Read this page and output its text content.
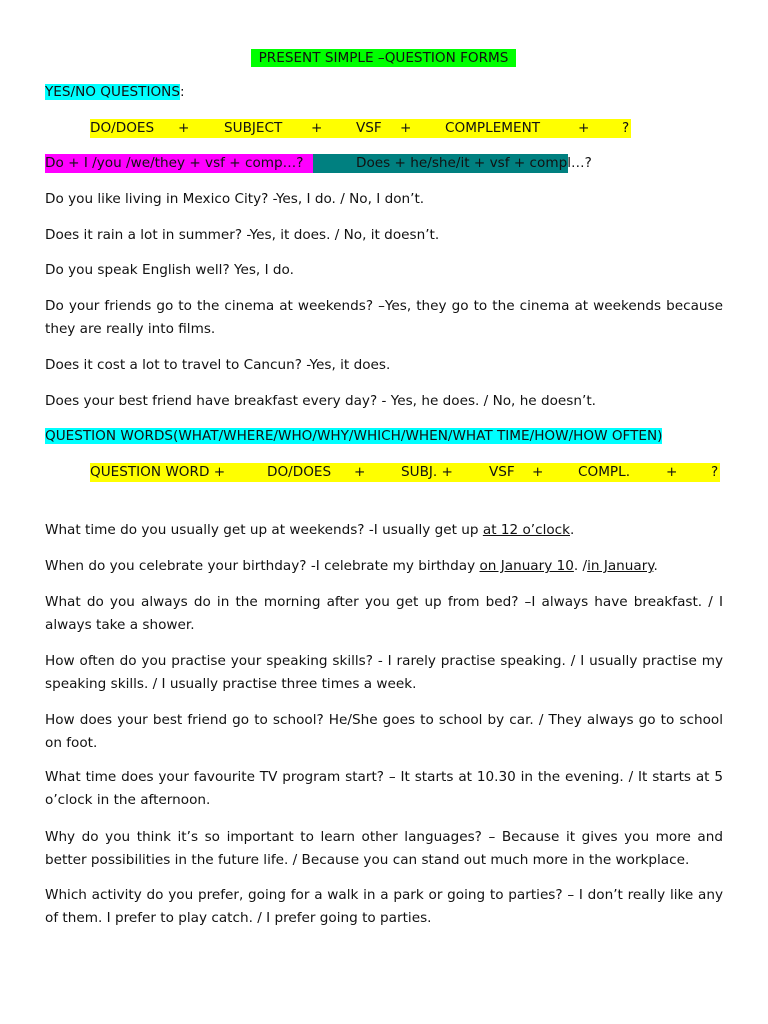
PRESENT SIMPLE –QUESTION FORMS
YES/NO QUESTIONS:
DO/DOES +	SUBJECT + VSF + COMPLEMENT	+ ?
Do + I /you /we/they + vsf + comp…?	Does + he/she/it + vsf + compl…?
Do you like living in Mexico City? -Yes, I do. / No, I don’t.
Does it rain a lot in summer? -Yes, it does. / No, it doesn’t.
Do you speak English well? Yes, I do.
Do your friends go to the cinema at weekends? –Yes, they go to the cinema at weekends because they are really into films.
Does it cost a lot to travel to Cancun? -Yes, it does.
Does your best friend have breakfast every day? - Yes, he does. / No, he doesn’t.
QUESTION WORDS(WHAT/WHERE/WHO/WHY/WHICH/WHEN/WHAT TIME/HOW/HOW OFTEN)
QUESTION WORD +	DO/DOES +	SUBJ. +	VSF +	COMPL.	+ ?
What time do you usually get up at weekends? -I usually get up at 12 o’clock.
When do you celebrate your birthday? -I celebrate my birthday on January 10. /in January.
What do you always do in the morning after you get up from bed? –I always have breakfast. / I always take a shower.
How often do you practise your speaking skills? - I rarely practise speaking. / I usually practise my speaking skills. / I usually practise three times a week.
How does your best friend go to school? He/She goes to school by car. / They always go to school on foot.
What time does your favourite TV program start? – It starts at 10.30 in the evening. / It starts at 5 o’clock in the afternoon.
Why do you think it’s so important to learn other languages? – Because it gives you more and better possibilities in the future life. / Because you can stand out much more in the workplace.
Which activity do you prefer, going for a walk in a park or going to parties? – I don’t really like any of them. I prefer to play catch. / I prefer going to parties.
